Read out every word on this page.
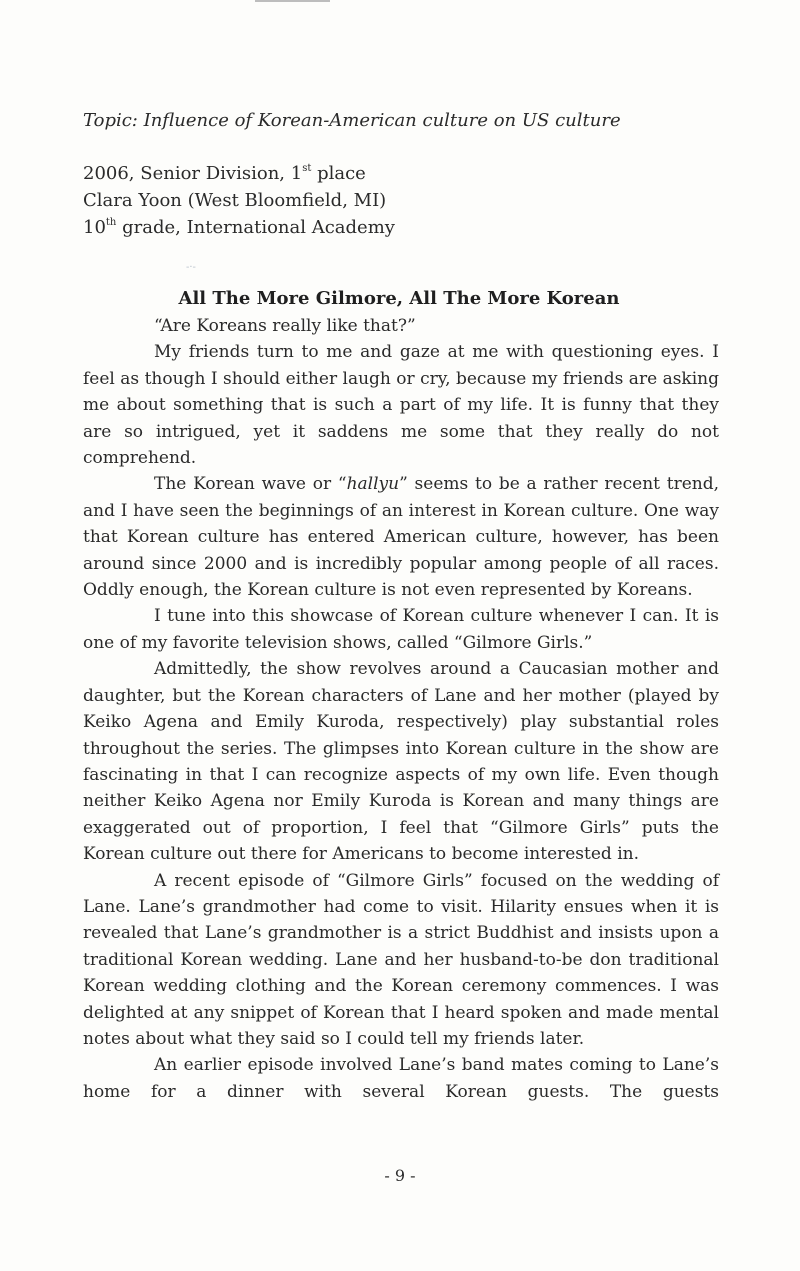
Topic: Influence of Korean-American culture on US culture
2006, Senior Division, 1st place
Clara Yoon (West Bloomfield, MI)
10th grade, International Academy
-·-
All The More Gilmore, All The More Korean

“Are Koreans really like that?”

My friends turn to me and gaze at me with questioning eyes. I feel as though I should either laugh or cry, because my friends are asking me about something that is such a part of my life. It is funny that they are so intrigued, yet it saddens me some that they really do not comprehend.

The Korean wave or “hallyu” seems to be a rather recent trend, and I have seen the beginnings of an interest in Korean culture. One way that Korean culture has entered American culture, however, has been around since 2000 and is incredibly popular among people of all races. Oddly enough, the Korean culture is not even represented by Koreans.

I tune into this showcase of Korean culture whenever I can. It is one of my favorite television shows, called “Gilmore Girls.”

Admittedly, the show revolves around a Caucasian mother and daughter, but the Korean characters of Lane and her mother (played by Keiko Agena and Emily Kuroda, respectively) play substantial roles throughout the series. The glimpses into Korean culture in the show are fascinating in that I can recognize aspects of my own life. Even though neither Keiko Agena nor Emily Kuroda is Korean and many things are exaggerated out of proportion, I feel that “Gilmore Girls” puts the Korean culture out there for Americans to become interested in.

A recent episode of “Gilmore Girls” focused on the wedding of Lane. Lane’s grandmother had come to visit. Hilarity ensues when it is revealed that Lane’s grandmother is a strict Buddhist and insists upon a traditional Korean wedding. Lane and her husband-to-be don traditional Korean wedding clothing and the Korean ceremony commences. I was delighted at any snippet of Korean that I heard spoken and made mental notes about what they said so I could tell my friends later.

An earlier episode involved Lane’s band mates coming to Lane’s home for a dinner with several Korean guests. The guests

- 9 -
